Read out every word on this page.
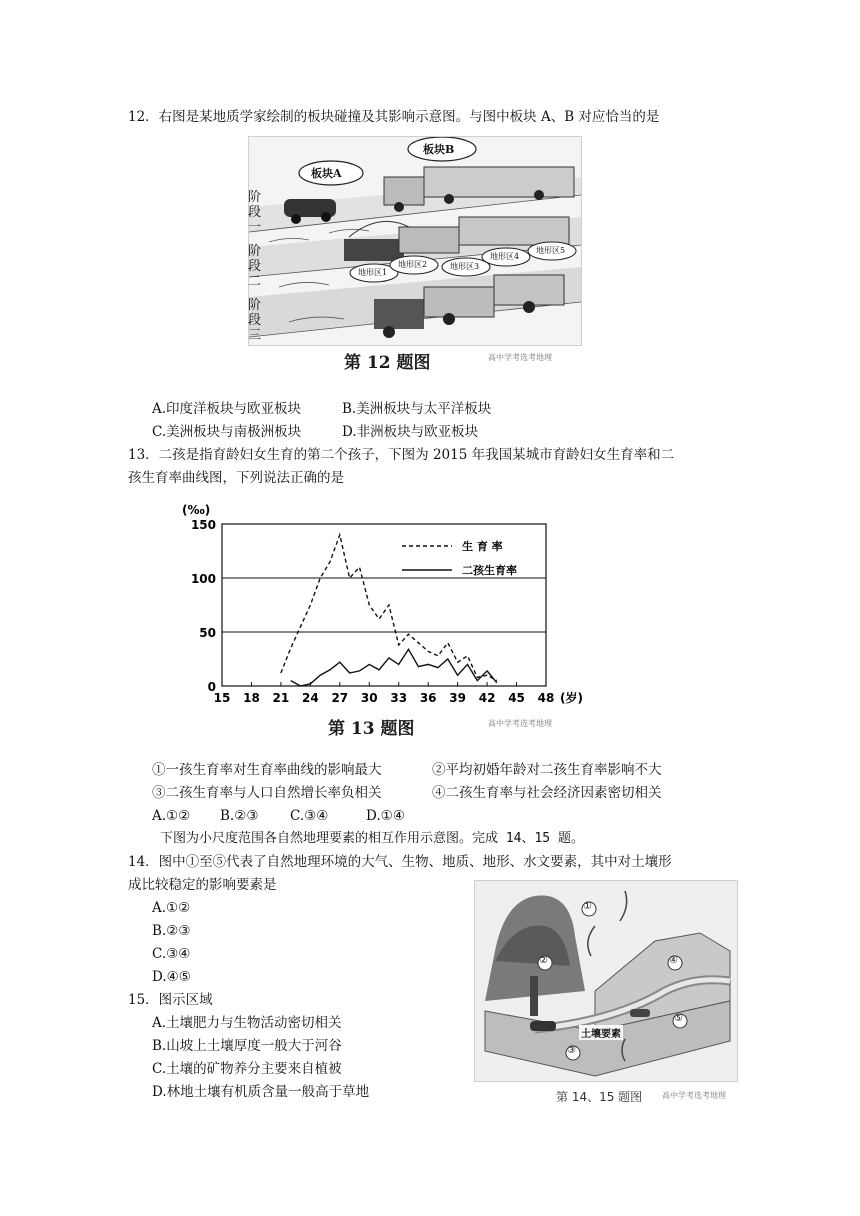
12．右图是某地质学家绘制的板块碰撞及其影响示意图。与图中板块 A、B 对应恰当的是
板块A
板块B
地形区1
地形区2	地形区3
地形区4
地形区5
阶段一
阶段二
阶段三
第 12 题图	高中学考选考地理
A.印度洋板块与欧亚板块	B.美洲板块与太平洋板块
C.美洲板块与南极洲板块	D.非洲板块与欧亚板块
13．二孩是指育龄妇女生育的第二个孩子，下图为 2015 年我国某城市育龄妇女生育率和二
孩生育率曲线图，下列说法正确的是
15 18 21 24 27 30 33 36 39 42 45 48 (岁)
0
50
100
150
(‰)
生 育 率
二孩生育率
第 13 题图	高中学考选考地理
①一孩生育率对生育率曲线的影响最大	②平均初婚年龄对二孩生育率影响不大
③二孩生育率与人口自然增长率负相关	④二孩生育率与社会经济因素密切相关
A.①② B.②③ C.③④	D.①④
下图为小尺度范围各自然地理要素的相互作用示意图。完成 14、15 题。
14．图中①至⑤代表了自然地理环境的大气、生物、地质、地形、水文要素，其中对土壤形
成比较稳定的影响要素是
A.①②
B.②③
C.③④
D.④⑤
15．图示区域
A.土壤肥力与生物活动密切相关
B.山坡上土壤厚度一般大于河谷
C.土壤的矿物养分主要来自植被
D.林地土壤有机质含量一般高于草地
①
②
③
④
⑤
土壤要素
第 14、15 题图 高中学考选考地理
